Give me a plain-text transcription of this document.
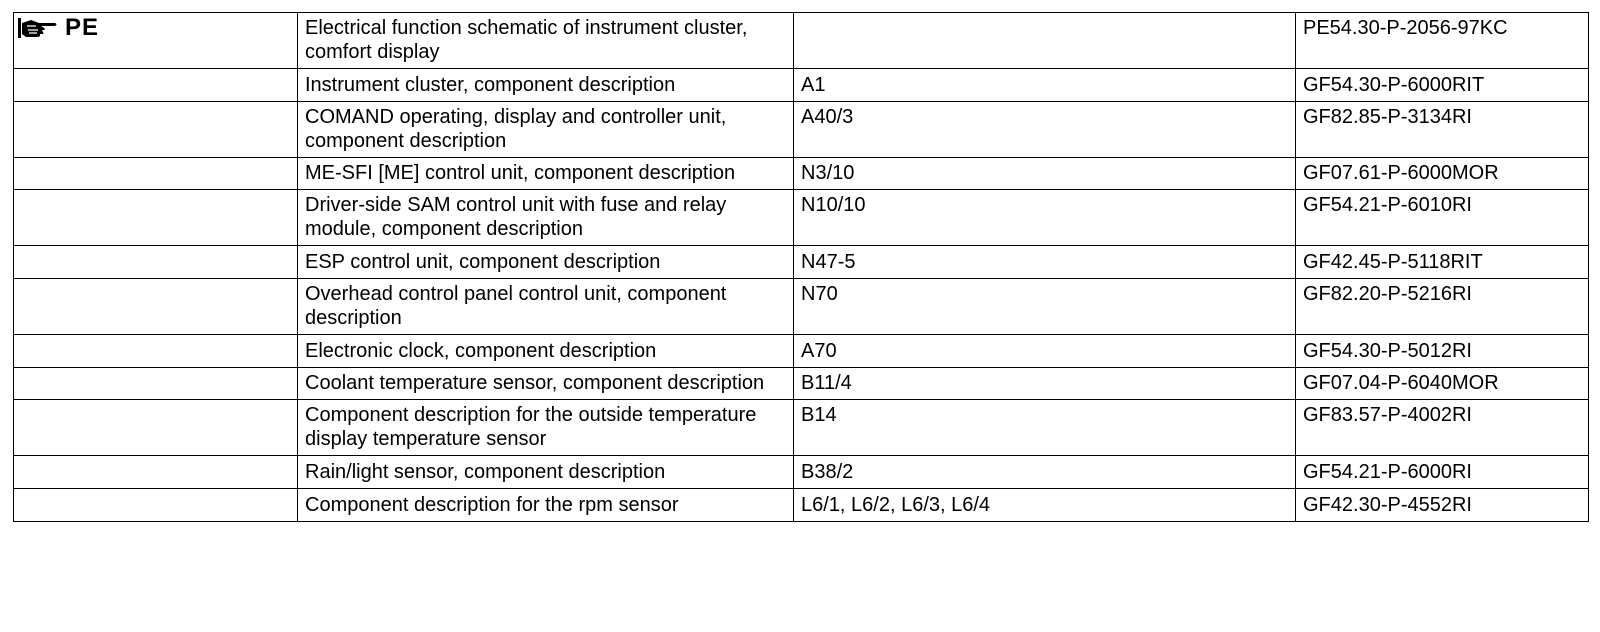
PE	Electrical function schematic of instrument cluster, comfort display		PE54.30-P-2056-97KC
	Instrument cluster, component description	A1	GF54.30-P-6000RIT
	COMAND operating, display and controller unit, component description	A40/3	GF82.85-P-3134RI
	ME-SFI [ME] control unit, component description	N3/10	GF07.61-P-6000MOR
	Driver-side SAM control unit with fuse and relay module, component description	N10/10	GF54.21-P-6010RI
	ESP control unit, component description	N47-5	GF42.45-P-5118RIT
	Overhead control panel control unit, component description	N70	GF82.20-P-5216RI
	Electronic clock, component description	A70	GF54.30-P-5012RI
	Coolant temperature sensor, component description	B11/4	GF07.04-P-6040MOR
	Component description for the outside temperature display temperature sensor	B14	GF83.57-P-4002RI
	Rain/light sensor, component description	B38/2	GF54.21-P-6000RI
	Component description for the rpm sensor	L6/1, L6/2, L6/3, L6/4	GF42.30-P-4552RI
